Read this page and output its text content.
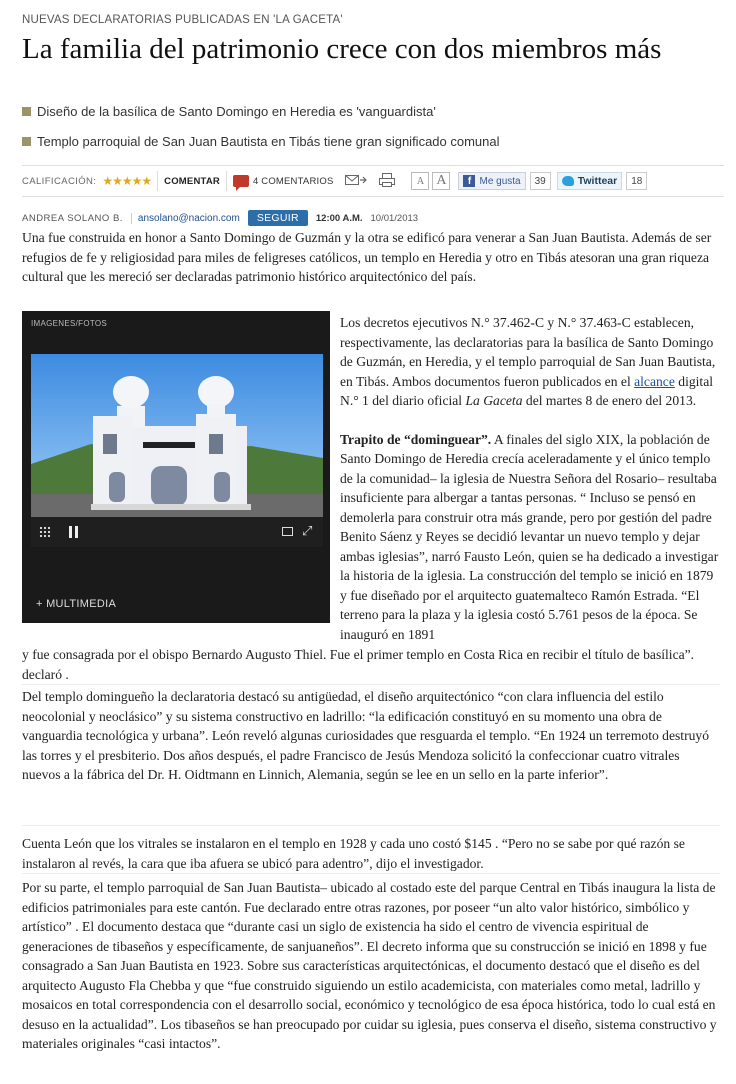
NUEVAS DECLARATORIAS PUBLICADAS EN 'LA GACETA'
La familia del patrimonio crece con dos miembros más
Diseño de la basílica de Santo Domingo en Heredia es 'vanguardista'
Templo parroquial de San Juan Bautista en Tibás tiene gran significado comunal
CALIFICACIÓN: ★★★★★ COMENTAR	4 COMENTARIOS	A A	f Me gusta	39	Twittear	18
ANDREA SOLANO B.	ansolano@nacion.com	SEGUIR	12:00 A.M. 10/01/2013

Una fue construida en honor a Santo Domingo de Guzmán y la otra se edificó para venerar a San Juan Bautista. Además de ser refugios de fe y religiosidad para miles de feligreses católicos, un templo en Heredia y otro en Tibás atesoran una gran riqueza cultural que les mereció ser declaradas patrimonio histórico arquitectónico del país.

IMAGENES/FOTOS
⤢
+ MULTIMEDIA

Los decretos ejecutivos N.° 37.462-C y N.° 37.463-C establecen, respectivamente, las declaratorias para la basílica de Santo Domingo de Guzmán, en Heredia, y el templo parroquial de San Juan Bautista, en Tibás. Ambos documentos fueron publicados en el alcance digital N.° 1 del diario oficial La Gaceta del martes 8 de enero del 2013.

Trapito de “dominguear”. A finales del siglo XIX, la población de Santo Domingo de Heredia crecía aceleradamente y el único templo de la comunidad– la iglesia de Nuestra Señora del Rosario– resultaba insuficiente para albergar a tantas personas. “ Incluso se pensó en demolerla para construir otra más grande, pero por gestión del padre Benito Sáenz y Reyes se decidió levantar un nuevo templo y dejar ambas iglesias”, narró Fausto León, quien se ha dedicado a investigar la historia de la iglesia. La construcción del templo se inició en 1879 y fue diseñado por el arquitecto guatemalteco Ramón Estrada. “El terreno para la plaza y la iglesia costó 5.761 pesos de la época. Se inauguró en 1891

y fue consagrada por el obispo Bernardo Augusto Thiel. Fue el primer templo en Costa Rica en recibir el título de basílica”. declaró .

Del templo domingueño la declaratoria destacó su antigüedad, el diseño arquitectónico “con clara influencia del estilo neocolonial y neoclásico” y su sistema constructivo en ladrillo: “la edificación constituyó en su momento una obra de vanguardia tecnológica y urbana”. León reveló algunas curiosidades que resguarda el templo. “En 1924 un terremoto destruyó las torres y el presbiterio. Dos años después, el padre Francisco de Jesús Mendoza solicitó la confeccionar cuatro vitrales nuevos a la fábrica del Dr. H. Oidtmann en Linnich, Alemania, según se lee en un sello en la parte inferior”.

Cuenta León que los vitrales se instalaron en el templo en 1928 y cada uno costó $145 . “Pero no se sabe por qué razón se instalaron al revés, la cara que iba afuera se ubicó para adentro”, dijo el investigador.

Por su parte, el templo parroquial de San Juan Bautista– ubicado al costado este del parque Central en Tibás inaugura la lista de edificios patrimoniales para este cantón. Fue declarado entre otras razones, por poseer “un alto valor histórico, simbólico y artístico” . El documento destaca que “durante casi un siglo de existencia ha sido el centro de vivencia espiritual de generaciones de tibaseños y específicamente, de sanjuaneños”. El decreto informa que su construcción se inició en 1898 y fue consagrado a San Juan Bautista en 1923. Sobre sus características arquitectónicas, el documento destacó que el diseño es del arquitecto Augusto Fla Chebba y que “fue construido siguiendo un estilo academicista, con materiales como metal, ladrillo y mosaicos en total correspondencia con el desarrollo social, económico y tecnológico de esa época histórica, todo lo cual está en desuso en la actualidad”. Los tibaseños se han preocupado por cuidar su iglesia, pues conserva el diseño, sistema constructivo y materiales originales “casi intactos”.
